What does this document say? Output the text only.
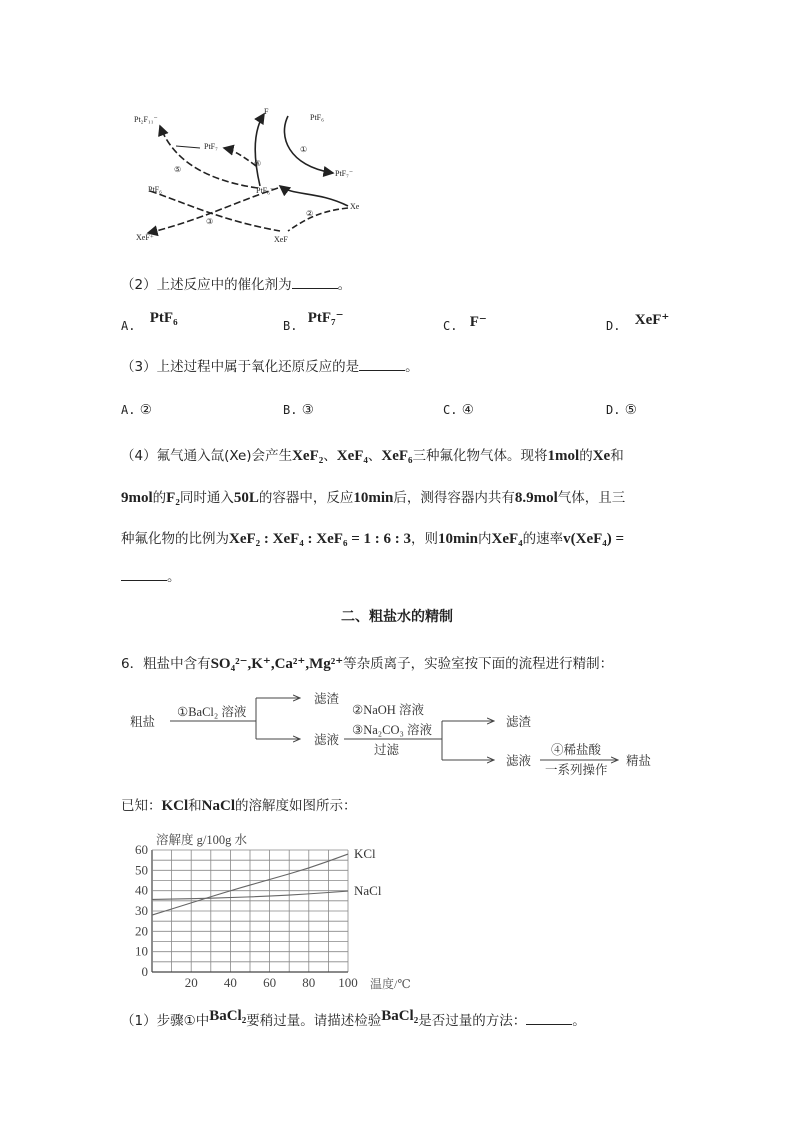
Pt₂F₁₁⁻
F
PtF₆
PtF₇
PtF₇⁻
PtF₆	PtF₆⁻
Xe
XeF⁺	XeF
①
②
③
④
⑤
（2）上述反应中的催化剂为	。
A. PtF₆	B. PtF₇⁻	C. F⁻	D. XeF⁺
（3）上述过程中属于氧化还原反应的是	。
A. ②	B. ③	C. ④	D. ⑤
（4）氟气通入氙(Xe)会产生XeF₂、XeF₄、XeF₆三种氟化物气体。现将1mol的Xe和
9mol的F₂同时通入50L的容器中，反应10min后，测得容器内共有8.9mol气体，且三
种氟化物的比例为XeF₂ : XeF₄ : XeF₆ = 1 : 6 : 3，则10min内XeF₄的速率v(XeF₄) =
。
二、粗盐水的精制
6．粗盐中含有SO₄²⁻,K⁺,Ca²⁺,Mg²⁺等杂质离子，实验室按下面的流程进行精制：
粗盐
①BaCl₂ 溶液
滤渣
滤液
②NaOH 溶液
③Na₂CO₃ 溶液
过滤
滤渣
滤液
④稀盐酸
一系列操作
精盐
已知：KCl和NaCl的溶解度如图所示：
溶解度 g/100g 水
60
50
40
30
20
10
0
20 40 60 80 100
KCl
NaCl
温度/℃
（1）步骤①中BaCl₂要稍过量。请描述检验BaCl₂是否过量的方法：	。
